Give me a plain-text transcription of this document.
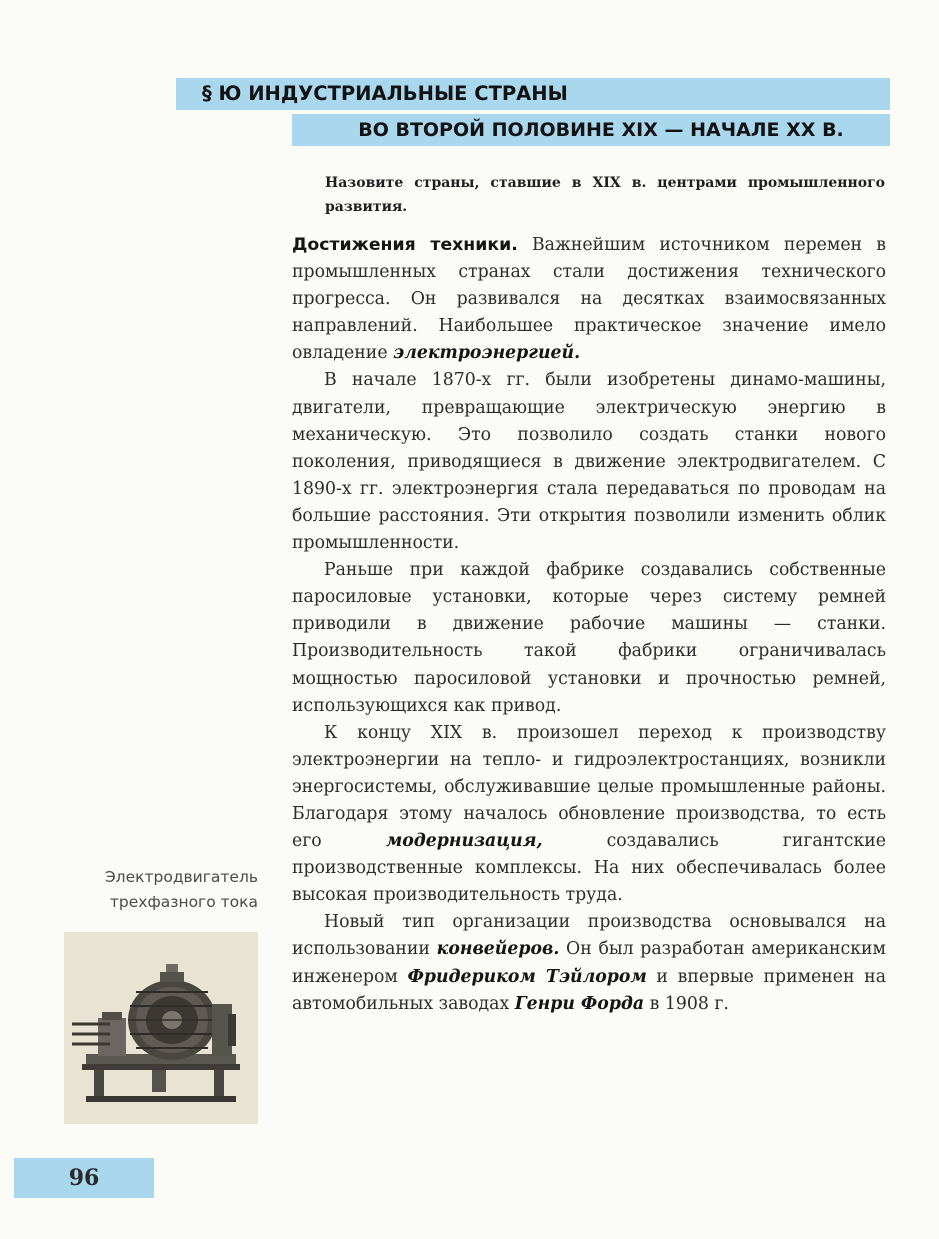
§ Ю ИНДУСТРИАЛЬНЫЕ СТРАНЫ
ВО ВТОРОЙ ПОЛОВИНЕ XIX — НАЧАЛЕ XX В.
Назовите страны, ставшие в XIX в. центрами промышленного развития.

Достижения техники. Важнейшим источником перемен в промышленных странах стали достижения технического прогресса. Он развивался на десятках взаимосвязанных направлений. Наибольшее практическое значение имело овладение электроэнергией.

В начале 1870-х гг. были изобретены динамо-машины, двигатели, превращающие электрическую энергию в механическую. Это позволило создать станки нового поколения, приводящиеся в движение электродвигателем. С 1890-х гг. электроэнергия стала передаваться по проводам на большие расстояния. Эти открытия позволили изменить облик промышленности.

Раньше при каждой фабрике создавались собственные паросиловые установки, которые через систему ремней приводили в движение рабочие машины — станки. Производительность такой фабрики ограничивалась мощностью паросиловой установки и прочностью ремней, использующихся как привод.

К концу XIX в. произошел переход к производству электроэнергии на тепло- и гидроэлектростанциях, возникли энергосистемы, обслуживавшие целые промышленные районы. Благодаря этому началось обновление производства, то есть его модернизация, создавались гигантские производственные комплексы. На них обеспечивалась более высокая производительность труда.

Новый тип организации производства основывался на использовании конвейеров. Он был разработан американским инженером Фридериком Тэйлором и впервые применен на автомобильных заводах Генри Форда в 1908 г.

Электродвигатель
трехфазного тока
96
